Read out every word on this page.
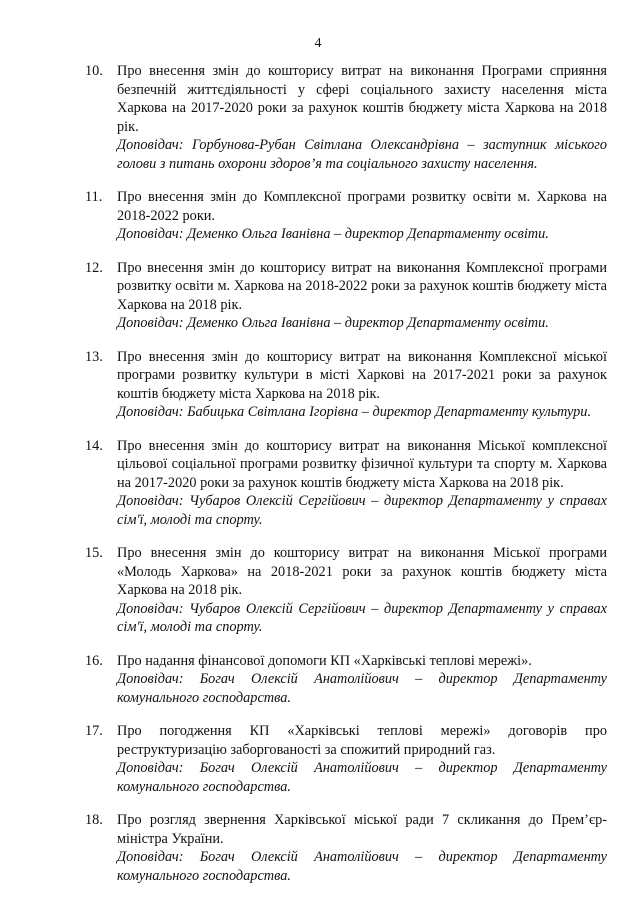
4
10. Про внесення змін до кошторису витрат на виконання Програми сприяння безпечній життєдіяльності у сфері соціального захисту населення міста Харкова на 2017-2020 роки за рахунок коштів бюджету міста Харкова на 2018 рік.
Доповідач: Горбунова-Рубан Світлана Олександрівна – заступник міського голови з питань охорони здоров’я та соціального захисту населення.
11.	Про внесення змін до Комплексної програми розвитку освіти м. Харкова на 2018-2022 роки.
Доповідач: Деменко Ольга Іванівна – директор Департаменту освіти.
12. Про внесення змін до кошторису витрат на виконання Комплексної програми розвитку освіти м. Харкова на 2018-2022 роки за рахунок коштів бюджету міста Харкова на 2018 рік.
Доповідач: Деменко Ольга Іванівна – директор Департаменту освіти.
13. Про внесення змін до кошторису витрат на виконання Комплексної міської програми розвитку культури в місті Харкові на 2017-2021 роки за рахунок коштів бюджету міста Харкова на 2018 рік.
Доповідач: Бабицька Світлана Ігорівна – директор Департаменту культури.
14. Про внесення змін до кошторису витрат на виконання Міської комплексної цільової соціальної програми розвитку фізичної культури та спорту м. Харкова на 2017-2020 роки за рахунок коштів бюджету міста Харкова на 2018 рік.
Доповідач: Чубаров Олексій Сергійович – директор Департаменту у справах сім'ї, молоді та спорту.
15. Про внесення змін до кошторису витрат на виконання Міської програми «Молодь Харкова» на 2018-2021 роки за рахунок коштів бюджету міста Харкова на 2018 рік.
Доповідач: Чубаров Олексій Сергійович – директор Департаменту у справах сім'ї, молоді та спорту.
16. Про надання фінансової допомоги КП «Харківські теплові мережі».
Доповідач: Богач Олексій Анатолійович – директор Департаменту комунального господарства.
17. Про погодження КП «Харківські теплові мережі» договорів про реструктуризацію заборгованості за спожитий природний газ.
Доповідач: Богач Олексій Анатолійович – директор Департаменту комунального господарства.
18. Про розгляд звернення Харківської міської ради 7 скликання до Прем’єр-міністра України.
Доповідач: Богач Олексій Анатолійович – директор Департаменту комунального господарства.
